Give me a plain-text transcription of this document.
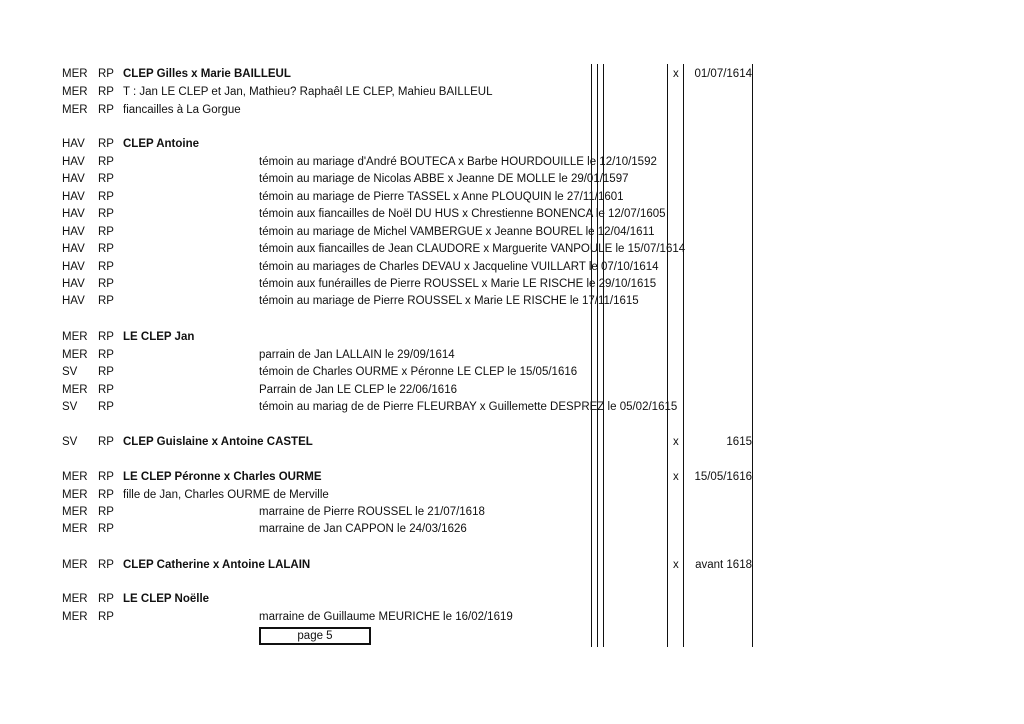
MER RP CLEP Gilles x Marie BAILLEUL	x	01/07/1614
MER RP T : Jan LE CLEP et Jan, Mathieu? Raphaêl LE CLEP, Mahieu BAILLEUL
MER RP fiancailles à La Gorgue
HAV RP CLEP Antoine
HAV RP	témoin au mariage d'André BOUTECA x Barbe HOURDOUILLE le 12/10/1592
HAV RP	témoin au mariage de Nicolas ABBE x Jeanne DE MOLLE le 29/01/1597
HAV RP	témoin au mariage de Pierre TASSEL x Anne PLOUQUIN le 27/11/1601
HAV RP	témoin aux fiancailles de Noël DU HUS x Chrestienne BONENCA le 12/07/1605
HAV RP	témoin au mariage de Michel VAMBERGUE x Jeanne BOUREL le 12/04/1611
HAV RP	témoin aux fiancailles de Jean CLAUDORE x Marguerite VANPOULE le 15/07/1614
HAV RP	témoin au mariages de Charles DEVAU x Jacqueline VUILLART le 07/10/1614
HAV RP	témoin aux funérailles de Pierre ROUSSEL x Marie LE RISCHE le 29/10/1615
HAV RP	témoin au mariage de Pierre ROUSSEL x Marie LE RISCHE le 17/11/1615
MER RP LE CLEP Jan
MER RP	parrain de Jan LALLAIN le 29/09/1614
SV RP	témoin de Charles OURME x Péronne LE CLEP le 15/05/1616
MER RP	Parrain de Jan LE CLEP le 22/06/1616
SV RP	témoin au mariag de de Pierre FLEURBAY x Guillemette DESPREZ le 05/02/1615
SV RP CLEP Guislaine x Antoine CASTEL	x	1615
MER RP LE CLEP Péronne x Charles OURME	x	15/05/1616
MER RP fille de Jan, Charles OURME de Merville
MER RP	marraine de Pierre ROUSSEL le 21/07/1618
MER RP	marraine de Jan CAPPON le 24/03/1626
MER RP CLEP Catherine x Antoine LALAIN	x	avant 1618
MER RP LE CLEP Noëlle
MER RP	marraine de Guillaume MEURICHE le 16/02/1619
page 5
